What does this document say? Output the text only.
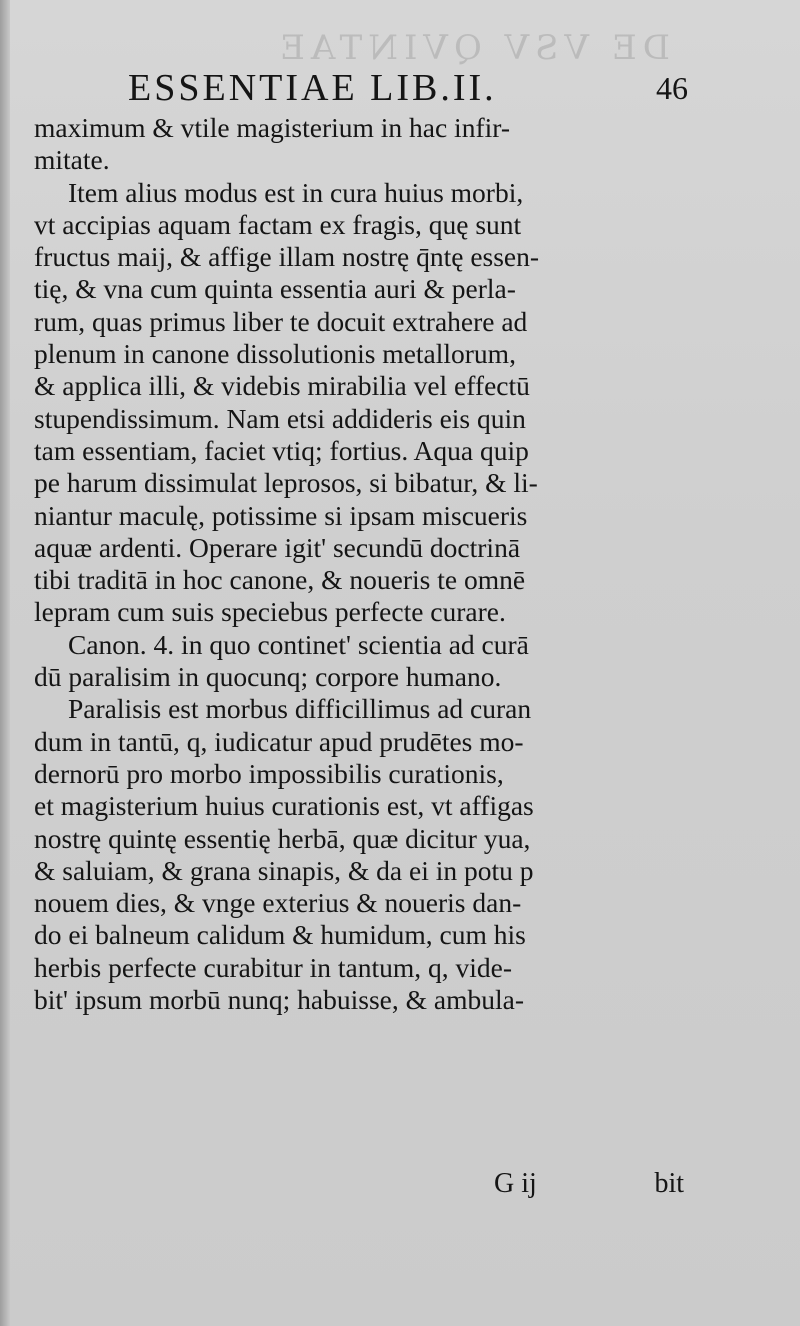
DE VSV QVINTAE
ESSENTIAE LIB.II.	46
maximum & vtile magisterium in hac infir-
mitate.
Item alius modus est in cura huius morbi,
vt accipias aquam factam ex fragis, quę sunt
fructus maij, & affige illam nostrę q̄ntę essen-
tię, & vna cum quinta essentia auri & perla-
rum, quas primus liber te docuit extrahere ad
plenum in canone dissolutionis metallorum,
& applica illi, & videbis mirabilia vel effectū
stupendissimum. Nam etsi addideris eis quin
tam essentiam, faciet vtiq; fortius. Aqua quip
pe harum dissimulat leprosos, si bibatur, & li-
niantur maculę, potissime si ipsam miscueris
aquæ ardenti. Operare igit' secundū doctrinā
tibi traditā in hoc canone, & noueris te omnē
lepram cum suis speciebus perfecte curare.
Canon. 4. in quo continet' scientia ad curā
dū paralisim in quocunq; corpore humano.
Paralisis est morbus difficillimus ad curan
dum in tantū, q, iudicatur apud prudētes mo-
dernorū pro morbo impossibilis curationis,
et magisterium huius curationis est, vt affigas
nostrę quintę essentię herbā, quæ dicitur yua,
& saluiam, & grana sinapis, & da ei in potu p
nouem dies, & vnge exterius & noueris dan-
do ei balneum calidum & humidum, cum his
herbis perfecte curabitur in tantum, q, vide-
bit' ipsum morbū nunq; habuisse, & ambula-
G ij	bit
